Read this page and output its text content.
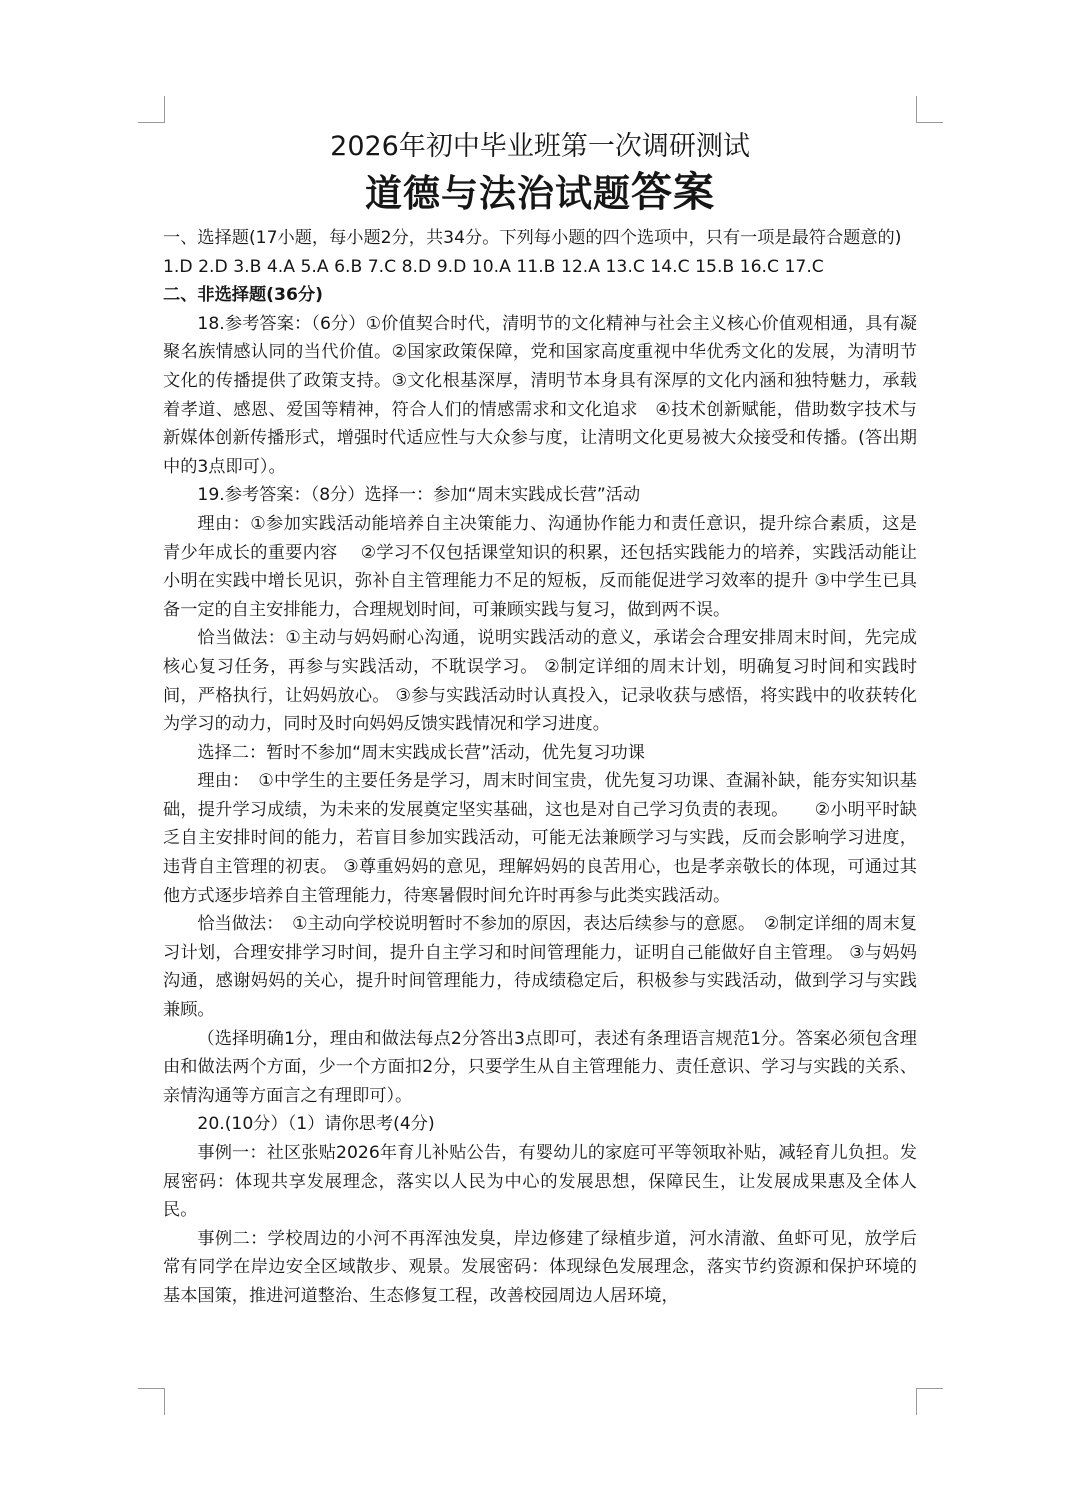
2026年初中毕业班第一次调研测试

道德与法治试题答案

一、选择题(17小题，每小题2分，共34分。下列每小题的四个选项中，只有一项是最符合题意的)

1.D 2.D 3.B 4.A 5.A 6.B 7.C 8.D 9.D 10.A 11.B 12.A 13.C 14.C 15.B 16.C 17.C

二、非选择题(36分)

18.参考答案：（6分）①价值契合时代，清明节的文化精神与社会主义核心价值观相通，具有凝聚名族情感认同的当代价值。②国家政策保障，党和国家高度重视中华优秀文化的发展，为清明节文化的传播提供了政策支持。③文化根基深厚，清明节本身具有深厚的文化内涵和独特魅力，承载着孝道、感恩、爱国等精神，符合人们的情感需求和文化追求　④技术创新赋能，借助数字技术与新媒体创新传播形式，增强时代适应性与大众参与度，让清明文化更易被大众接受和传播。(答出期中的3点即可）。

19.参考答案：（8分）选择一：参加“周末实践成长营”活动

理由：①参加实践活动能培养自主决策能力、沟通协作能力和责任意识，提升综合素质，这是青少年成长的重要内容　 ②学习不仅包括课堂知识的积累，还包括实践能力的培养，实践活动能让小明在实践中增长见识，弥补自主管理能力不足的短板，反而能促进学习效率的提升 ③中学生已具备一定的自主安排能力，合理规划时间，可兼顾实践与复习，做到两不误。

恰当做法：①主动与妈妈耐心沟通，说明实践活动的意义，承诺会合理安排周末时间，先完成核心复习任务，再参与实践活动，不耽误学习。 ②制定详细的周末计划，明确复习时间和实践时间，严格执行，让妈妈放心。 ③参与实践活动时认真投入，记录收获与感悟，将实践中的收获转化为学习的动力，同时及时向妈妈反馈实践情况和学习进度。

选择二：暂时不参加“周末实践成长营”活动，优先复习功课

理由：　①中学生的主要任务是学习，周末时间宝贵，优先复习功课、查漏补缺，能夯实知识基础，提升学习成绩，为未来的发展奠定坚实基础，这也是对自己学习负责的表现。　　②小明平时缺乏自主安排时间的能力，若盲目参加实践活动，可能无法兼顾学习与实践，反而会影响学习进度，违背自主管理的初衷。 ③尊重妈妈的意见，理解妈妈的良苦用心，也是孝亲敬长的体现，可通过其他方式逐步培养自主管理能力，待寒暑假时间允许时再参与此类实践活动。

恰当做法：　①主动向学校说明暂时不参加的原因，表达后续参与的意愿。　②制定详细的周末复习计划，合理安排学习时间，提升自主学习和时间管理能力，证明自己能做好自主管理。 ③与妈妈沟通，感谢妈妈的关心，提升时间管理能力，待成绩稳定后，积极参与实践活动，做到学习与实践兼顾。

（选择明确1分，理由和做法每点2分答出3点即可，表述有条理语言规范1分。答案必须包含理由和做法两个方面，少一个方面扣2分，只要学生从自主管理能力、责任意识、学习与实践的关系、亲情沟通等方面言之有理即可）。

20.(10分）（1）请你思考(4分)

事例一：社区张贴2026年育儿补贴公告，有婴幼儿的家庭可平等领取补贴，减轻育儿负担。发展密码：体现共享发展理念，落实以人民为中心的发展思想，保障民生，让发展成果惠及全体人民。

事例二：学校周边的小河不再浑浊发臭，岸边修建了绿植步道，河水清澈、鱼虾可见，放学后常有同学在岸边安全区域散步、观景。发展密码：体现绿色发展理念，落实节约资源和保护环境的基本国策，推进河道整治、生态修复工程，改善校园周边人居环境，
